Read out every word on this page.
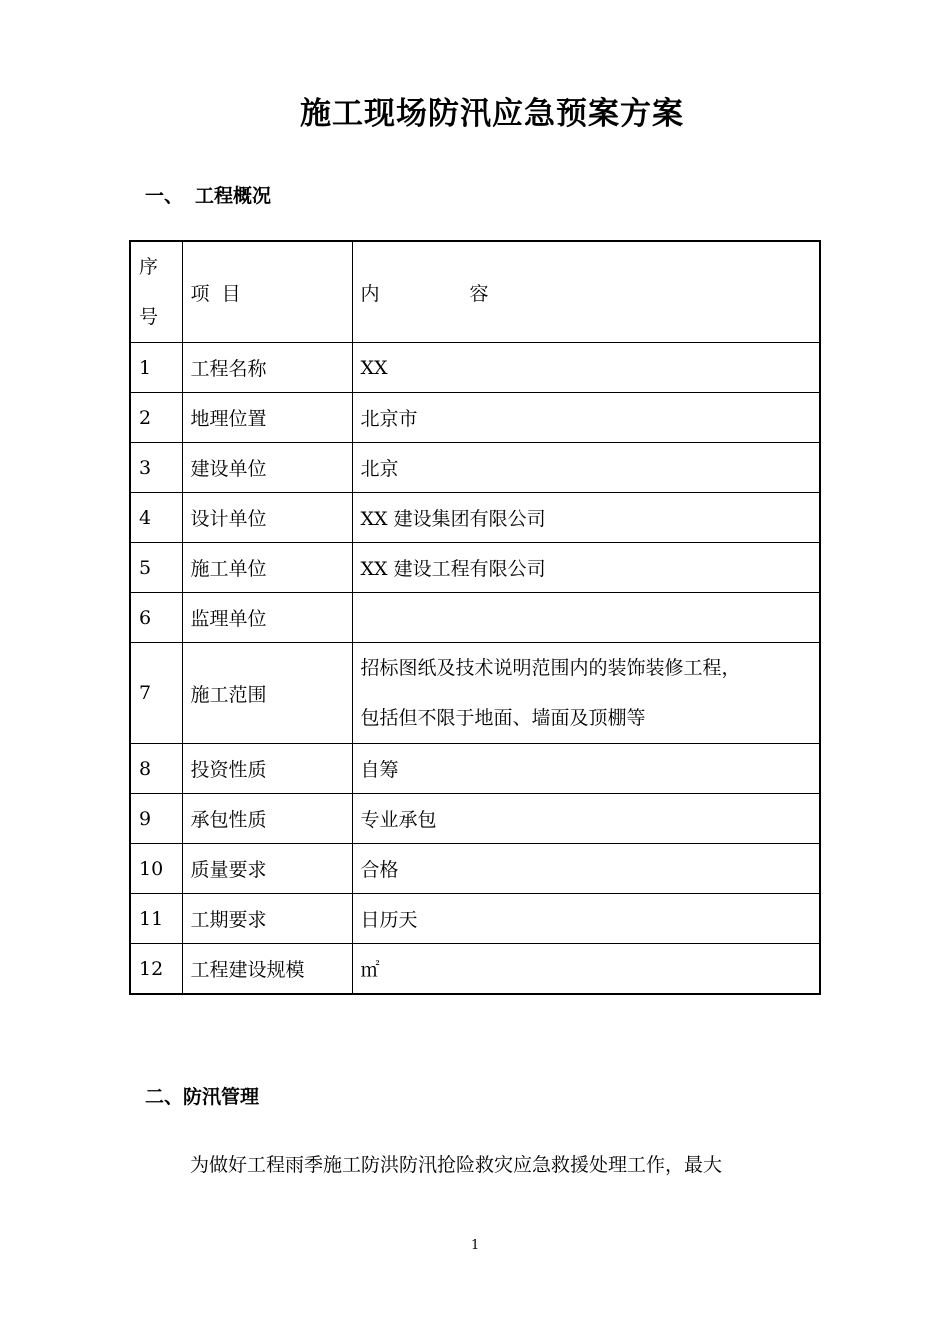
施工现场防汛应急预案方案
一、 工程概况
序
号	项  目	内 容
1	工程名称	XX
2	地理位置	北京市
3	建设单位	北京
4	设计单位	XX 建设集团有限公司
5	施工单位	XX 建设工程有限公司
6	监理单位	
7	施工范围	招标图纸及技术说明范围内的装饰装修工程，
包括但不限于地面、墙面及顶棚等

8	投资性质	自筹
9	承包性质	专业承包
10	质量要求	合格
11	工期要求	日历天
12	工程建设规模	㎡
二、防汛管理
为做好工程雨季施工防洪防汛抢险救灾应急救援处理工作，最大
1
